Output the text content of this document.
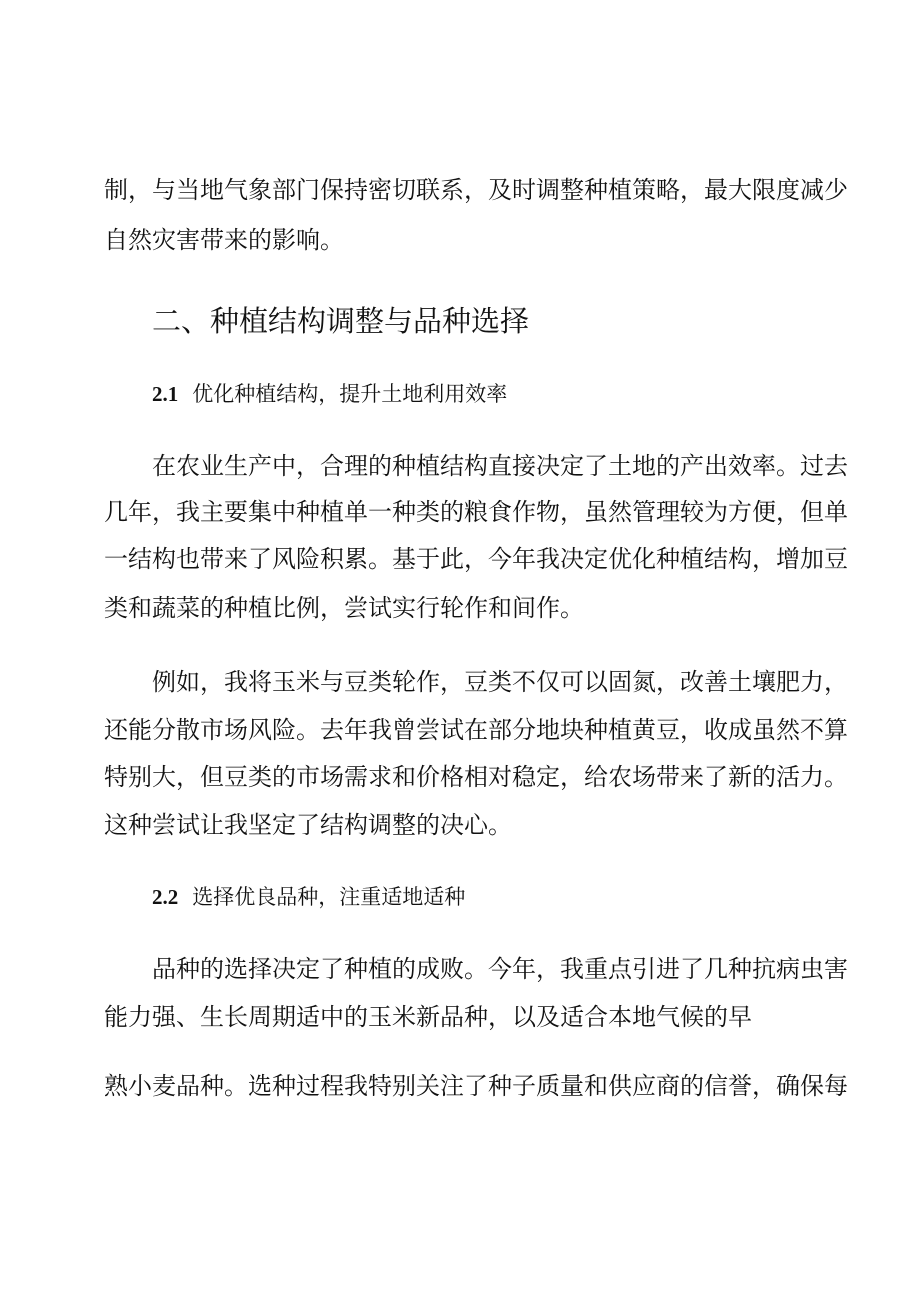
制，与当地气象部门保持密切联系，及时调整种植策略，最大限度减少
自然灾害带来的影响。
二、种植结构调整与品种选择
2.1 优化种植结构，提升土地利用效率
在农业生产中，合理的种植结构直接决定了土地的产出效率。过去
几年，我主要集中种植单一种类的粮食作物，虽然管理较为方便，但单
一结构也带来了风险积累。基于此，今年我决定优化种植结构，增加豆
类和蔬菜的种植比例，尝试实行轮作和间作。
例如，我将玉米与豆类轮作，豆类不仅可以固氮，改善土壤肥力，
还能分散市场风险。去年我曾尝试在部分地块种植黄豆，收成虽然不算
特别大，但豆类的市场需求和价格相对稳定，给农场带来了新的活力。
这种尝试让我坚定了结构调整的决心。
2.2 选择优良品种，注重适地适种
品种的选择决定了种植的成败。今年，我重点引进了几种抗病虫害
能力强、生长周期适中的玉米新品种，以及适合本地气候的早
熟小麦品种。选种过程我特别关注了种子质量和供应商的信誉，确保每
